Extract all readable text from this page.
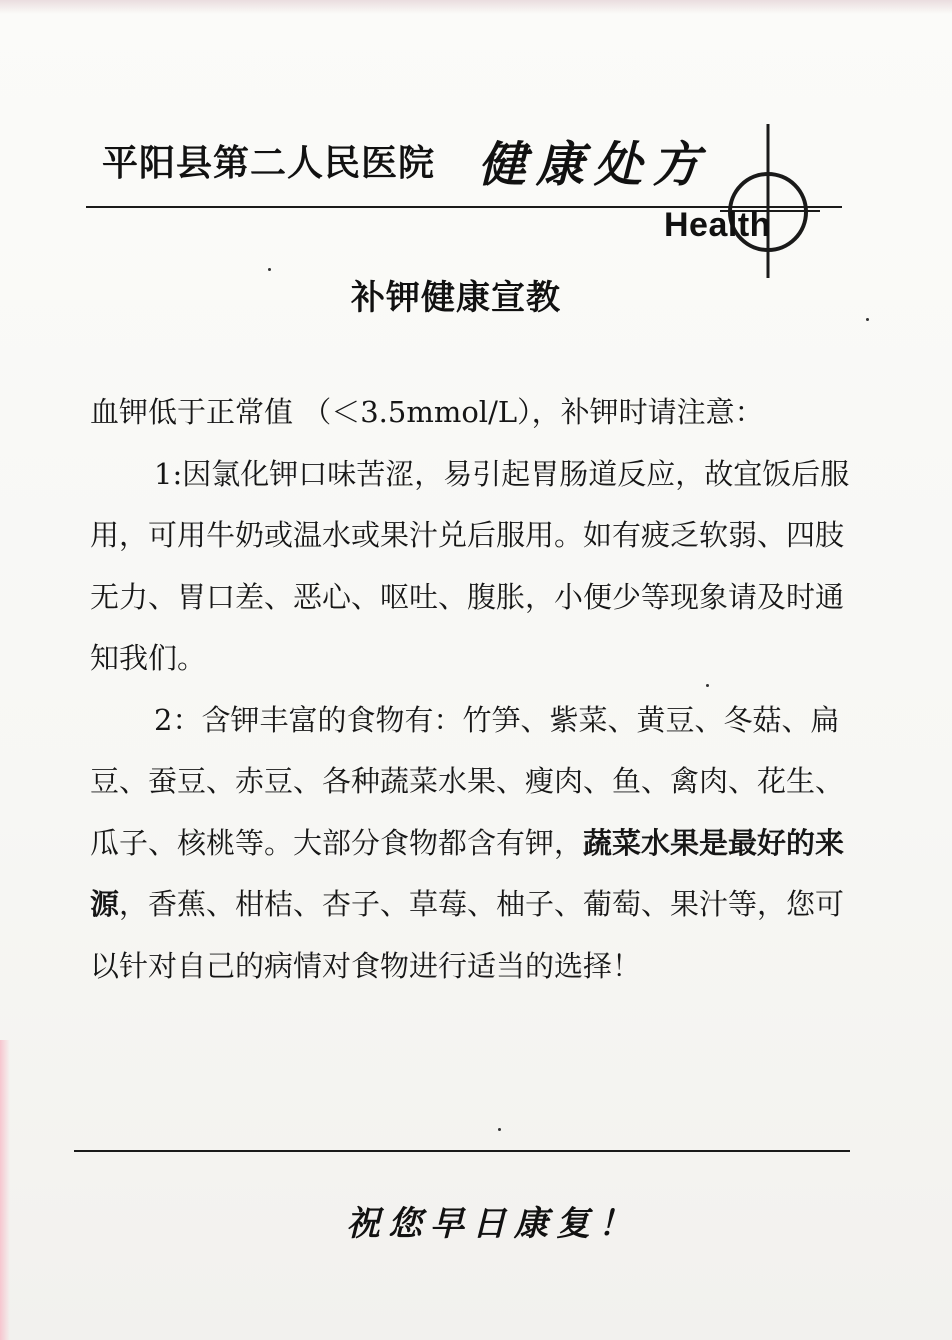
平阳县第二人民医院 健康处方
Health
补钾健康宣教

血钾低于正常值 （＜3.5mmol/L），补钾时请注意：

1:因氯化钾口味苦涩，易引起胃肠道反应，故宜饭后服用，可用牛奶或温水或果汁兑后服用。如有疲乏软弱、四肢无力、胃口差、恶心、呕吐、腹胀，小便少等现象请及时通知我们。

2：含钾丰富的食物有：竹笋、紫菜、黄豆、冬菇、扁豆、蚕豆、赤豆、各种蔬菜水果、瘦肉、鱼、禽肉、花生、瓜子、核桃等。大部分食物都含有钾，蔬菜水果是最好的来源，香蕉、柑桔、杏子、草莓、柚子、葡萄、果汁等，您可以针对自己的病情对食物进行适当的选择！

祝您早日康复！
